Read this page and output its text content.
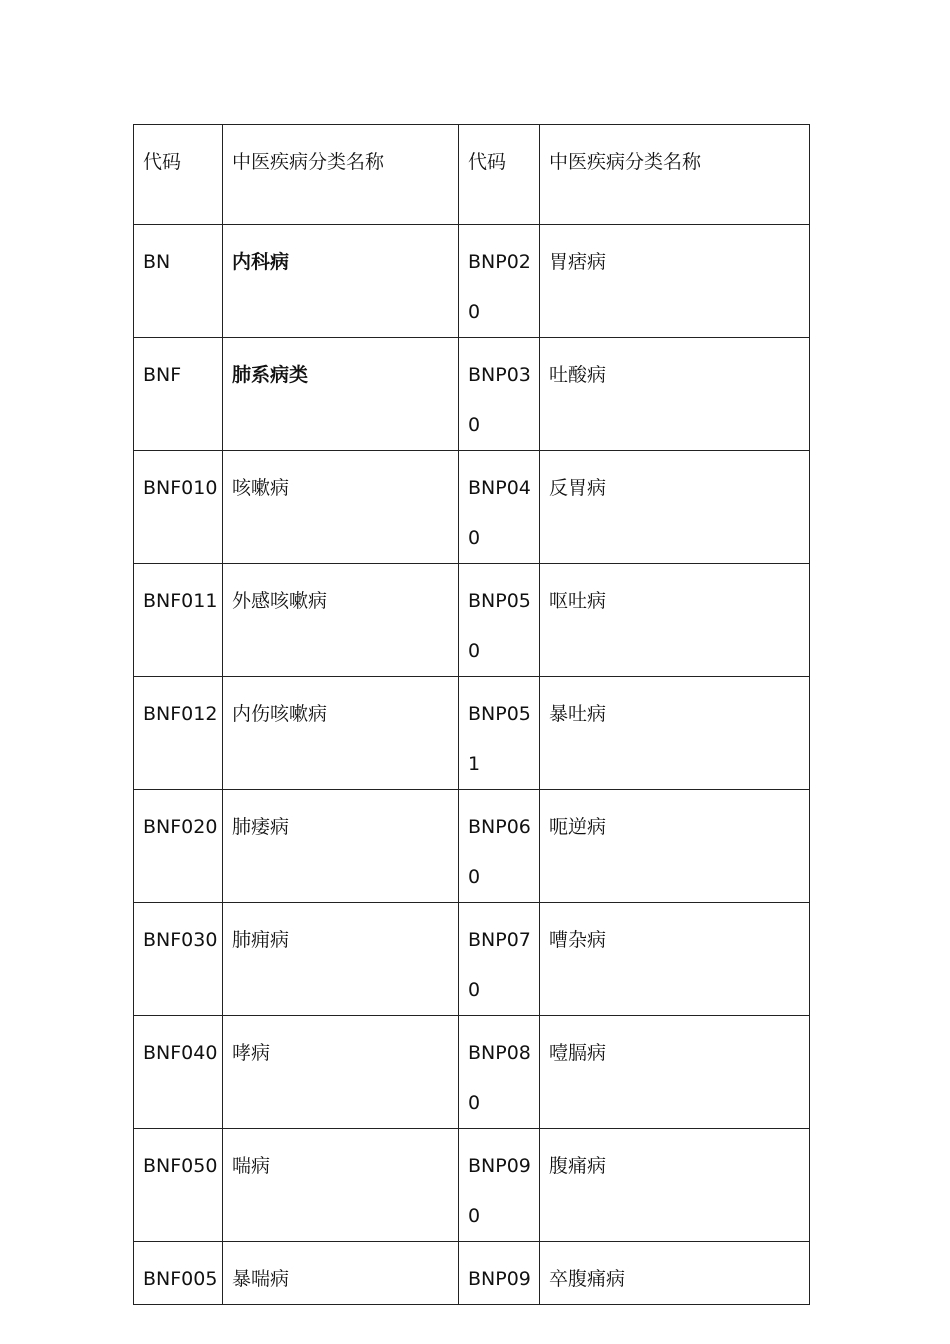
代码	中医疾病分类名称	代码	中医疾病分类名称
BN	内科病	BNP020	胃痞病
BNF	肺系病类	BNP030	吐酸病
BNF010	咳嗽病	BNP040	反胃病
BNF011	外感咳嗽病	BNP050	呕吐病
BNF012	内伤咳嗽病	BNP051	暴吐病
BNF020	肺痿病	BNP060	呃逆病
BNF030	肺痈病	BNP070	嘈杂病
BNF040	哮病	BNP080	噎膈病
BNF050	喘病	BNP090	腹痛病
BNF005	暴喘病	BNP09	卒腹痛病
